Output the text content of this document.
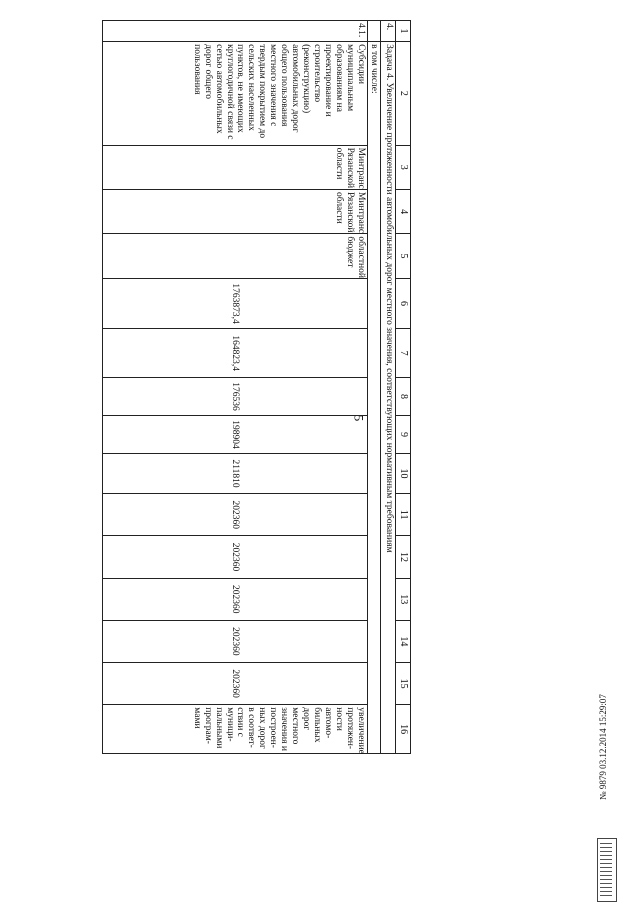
5
1	2	3	4	5	6	7	8	9	10	11	12	13	14	15	16
4.	Задача 4. Увеличение протяженности автомобильных дорог местного значения, соответствующих нормативным требованиям														
	в том числе:														
4.1.	Субсидии муниципальным образованиям на проектирование и строительство (реконструкцию) автомобильных дорог общего пользования местного значения с твердым покрытием до сельских населенных пунктов, не имеющих круглогодичной связи с сетью автомобильных дорог общего пользования	Минтранс Рязанской области	Минтранс Рязанской области	областной бюджет	1763873,4	164823,4	176536	198904	211810	202360	202360	202360	202360	202360	увеличение протяжен-ности автомо-бильных дорог местного значения и построен-ных дорог в соответ-ствии с муници-пальными програм-мами	№ 9879 03.12.2014 15:29:07
